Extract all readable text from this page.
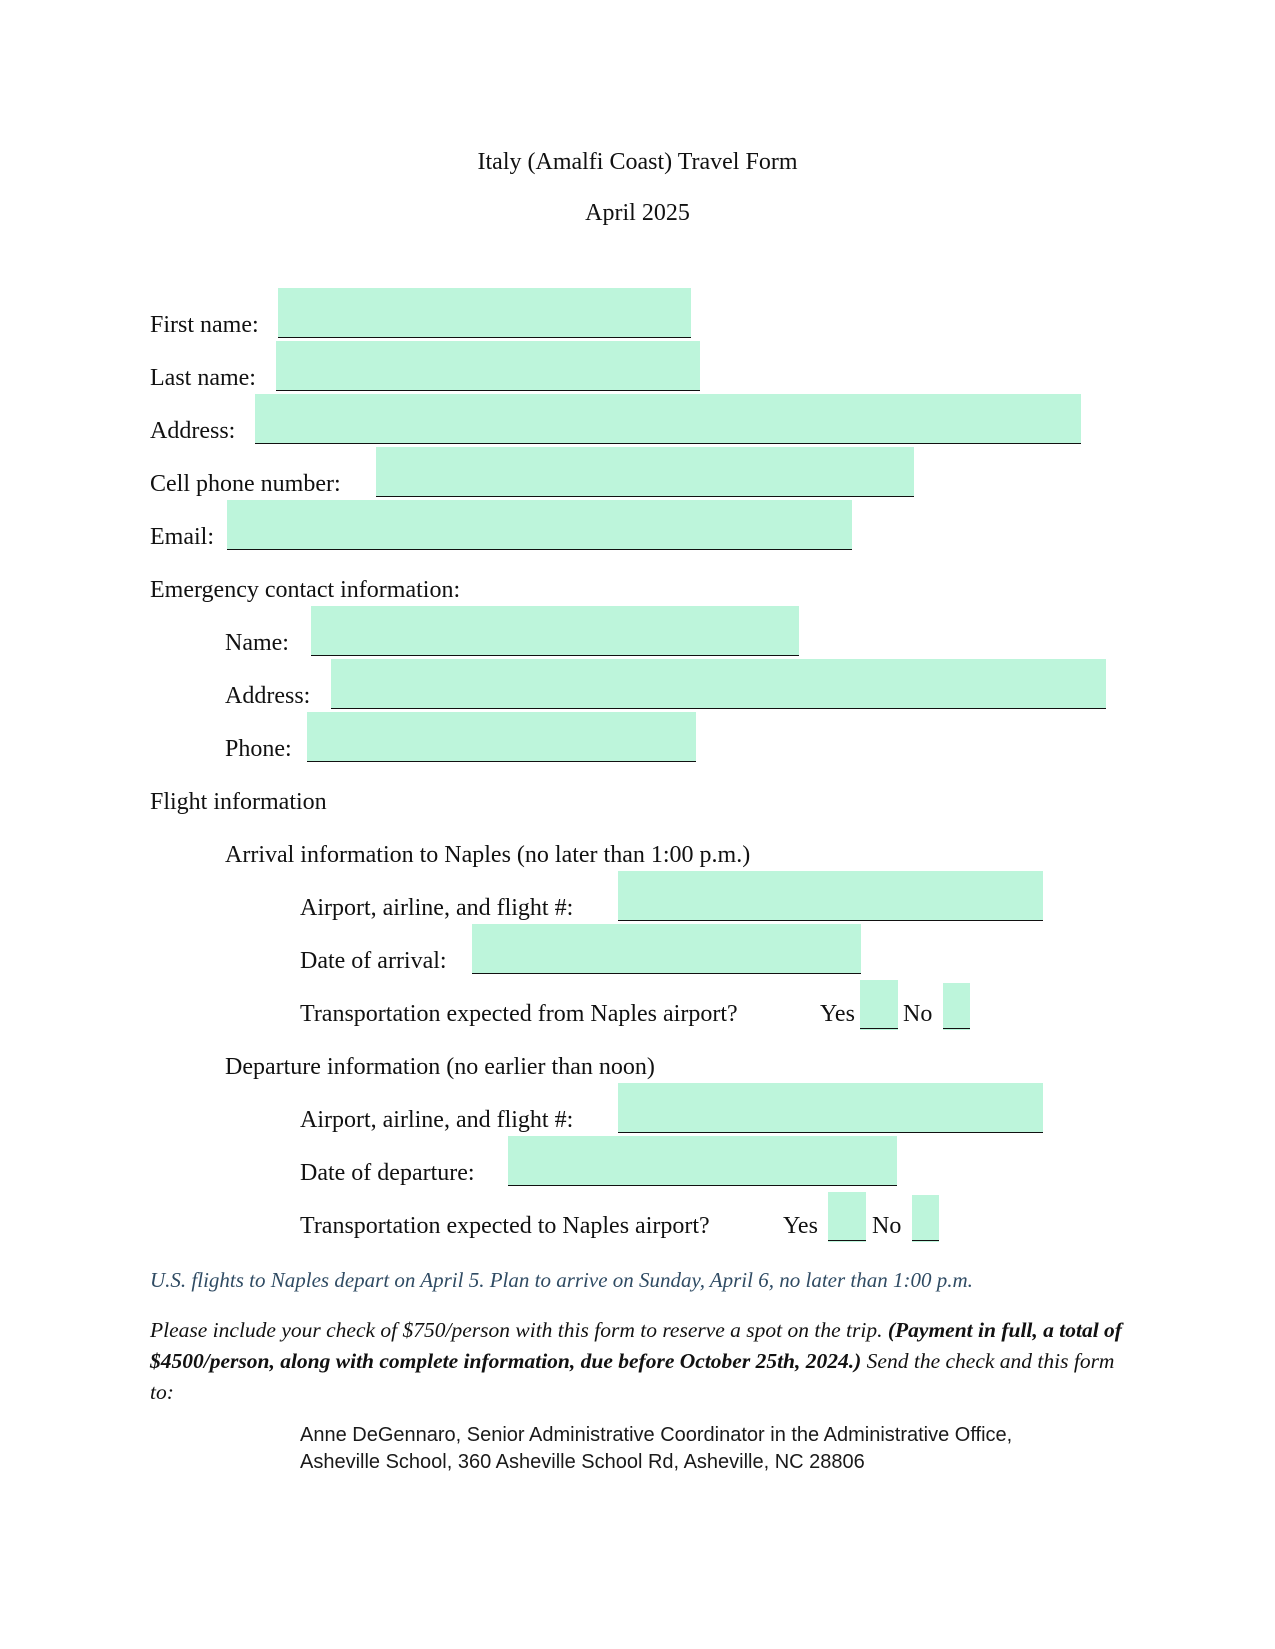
Italy (Amalfi Coast) Travel Form
April 2025
First name:
Last name:
Address:
Cell phone number:
Email:
Emergency contact information:
Name:
Address:
Phone:
Flight information
Arrival information to Naples (no later than 1:00 p.m.)
Airport, airline, and flight #:
Date of arrival:
Transportation expected from Naples airport?	Yes No
Departure information (no earlier than noon)
Airport, airline, and flight #:
Date of departure:
Transportation expected to Naples airport?	Yes No
U.S. flights to Naples depart on April 5. Plan to arrive on Sunday, April 6, no later than 1:00 p.m.

Please include your check of $750/person with this form to reserve a spot on the trip. (Payment in full, a total of $4500/person, along with complete information, due before October 25th, 2024.) Send the check and this form to:

Anne DeGennaro, Senior Administrative Coordinator in the Administrative Office,
Asheville School, 360 Asheville School Rd, Asheville, NC 28806
